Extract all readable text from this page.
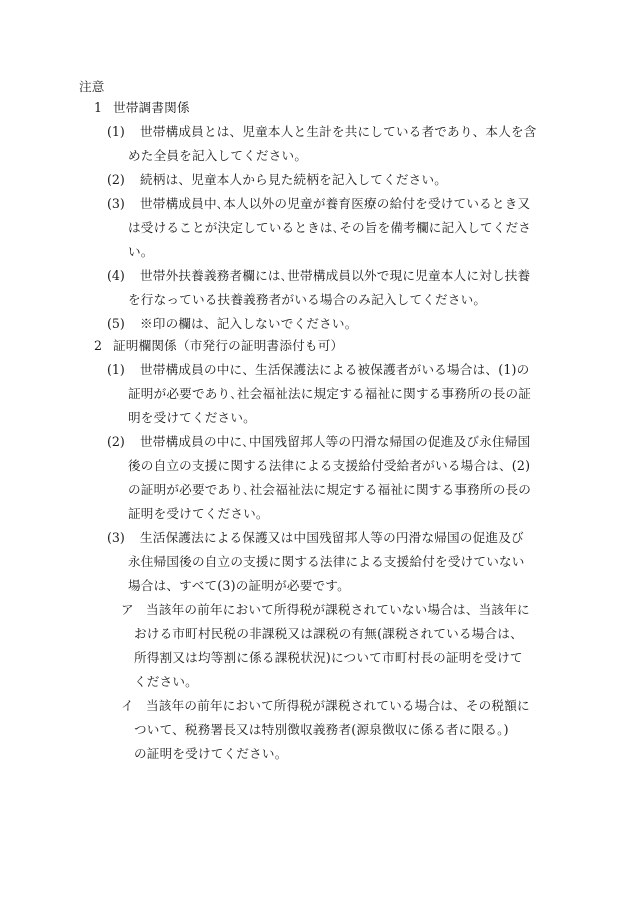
注意
1 世帯調書関係
(1) 世帯構成員とは、児童本人と生計を共にしている者であり、本人を含
めた全員を記入してください。
(2) 続柄は、児童本人から見た続柄を記入してください。
(3) 世帯構成員中､本人以外の児童が養育医療の給付を受けているとき又
は受けることが決定しているときは､その旨を備考欄に記入してくださ
い。
(4) 世帯外扶養義務者欄には､世帯構成員以外で現に児童本人に対し扶養
を行なっている扶養義務者がいる場合のみ記入してください。
(5) ※印の欄は、記入しないでください。
2 証明欄関係（市発行の証明書添付も可）
(1) 世帯構成員の中に、生活保護法による被保護者がいる場合は、(1)の
証明が必要であり､社会福祉法に規定する福祉に関する事務所の長の証
明を受けてください。
(2) 世帯構成員の中に､中国残留邦人等の円滑な帰国の促進及び永住帰国
後の自立の支援に関する法律による支援給付受給者がいる場合は、(2)
の証明が必要であり､社会福祉法に規定する福祉に関する事務所の長の
証明を受けてください。
(3) 生活保護法による保護又は中国残留邦人等の円滑な帰国の促進及び
永住帰国後の自立の支援に関する法律による支援給付を受けていない
場合は、すべて(3)の証明が必要です。
ア 当該年の前年において所得税が課税されていない場合は、当該年に
おける市町村民税の非課税又は課税の有無(課税されている場合は、
所得割又は均等割に係る課税状況)について市町村長の証明を受けて
ください。
イ 当該年の前年において所得税が課税されている場合は、その税額に
ついて、税務署長又は特別徴収義務者(源泉徴収に係る者に限る。)
の証明を受けてください。
